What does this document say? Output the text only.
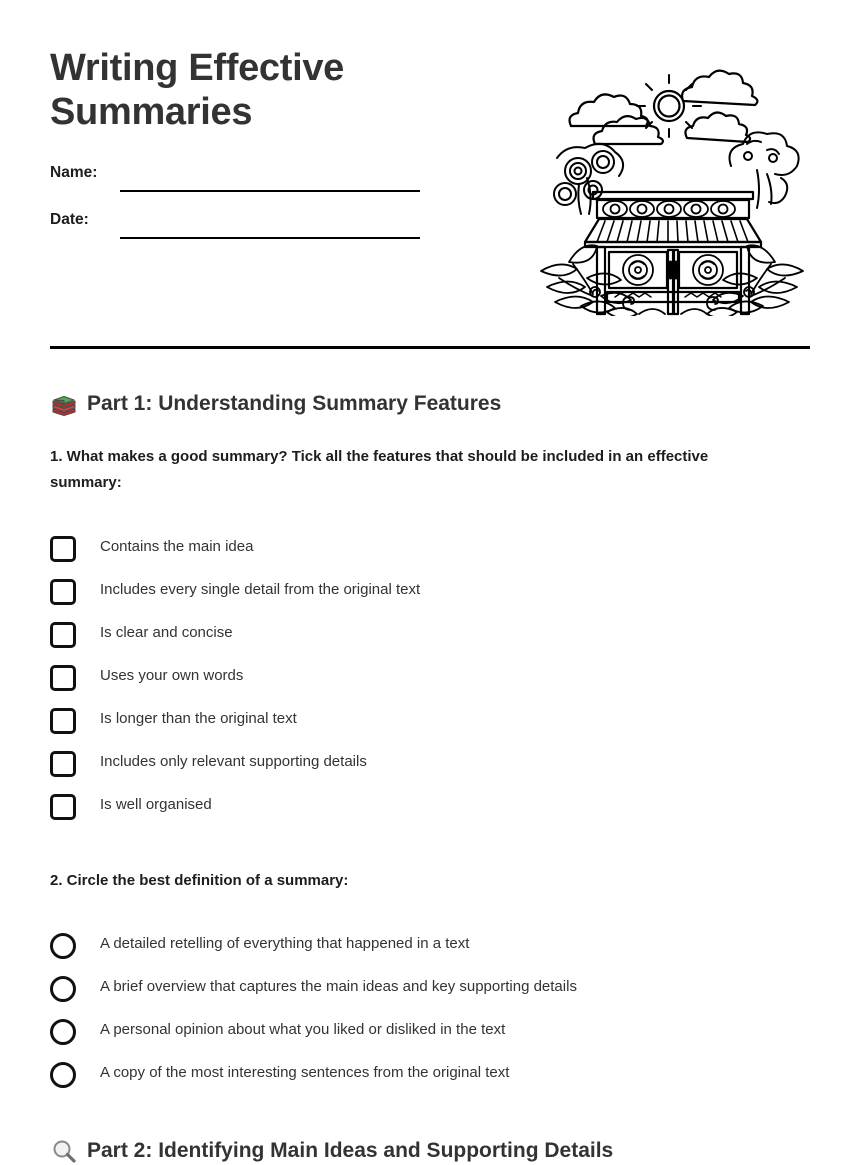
Writing Effective Summaries
Name:
Date:
Part 1: Understanding Summary Features
1. What makes a good summary? Tick all the features that should be included in an effective summary:
Contains the main idea
Includes every single detail from the original text
Is clear and concise
Uses your own words
Is longer than the original text
Includes only relevant supporting details
Is well organised
2. Circle the best definition of a summary:
A detailed retelling of everything that happened in a text
A brief overview that captures the main ideas and key supporting details
A personal opinion about what you liked or disliked in the text
A copy of the most interesting sentences from the original text
Part 2: Identifying Main Ideas and Supporting Details
